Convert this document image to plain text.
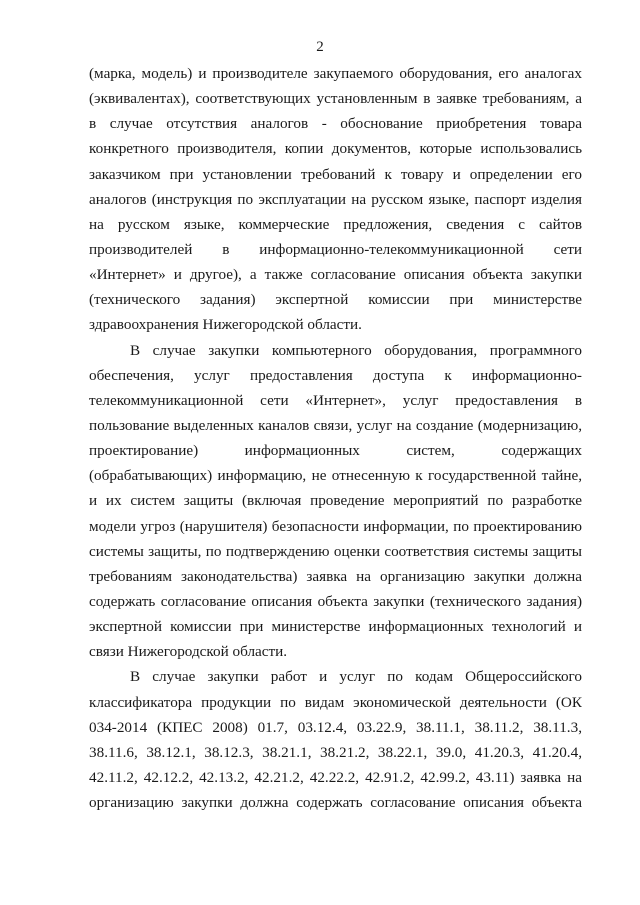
2
(марка, модель) и производителе закупаемого оборудования, его аналогах
(эквивалентах), соответствующих установленным в заявке требованиям, а
в случае отсутствия аналогов - обоснование приобретения товара
конкретного производителя, копии документов, которые использовались
заказчиком при установлении требований к товару и определении его
аналогов (инструкция по эксплуатации на русском языке, паспорт изделия
на русском языке, коммерческие предложения, сведения с сайтов
производителей в информационно-телекоммуникационной сети
«Интернет» и другое), а также согласование описания объекта закупки
(технического задания) экспертной комиссии при министерстве
здравоохранения Нижегородской области.
В случае закупки компьютерного оборудования, программного
обеспечения, услуг предоставления доступа к информационно-
телекоммуникационной сети «Интернет», услуг предоставления в
пользование выделенных каналов связи, услуг на создание (модернизацию,
проектирование) информационных систем, содержащих
(обрабатывающих) информацию, не отнесенную к государственной тайне,
и их систем защиты (включая проведение мероприятий по разработке
модели угроз (нарушителя) безопасности информации, по проектированию
системы защиты, по подтверждению оценки соответствия системы защиты
требованиям законодательства) заявка на организацию закупки должна
содержать согласование описания объекта закупки (технического задания)
экспертной комиссии при министерстве информационных технологий и
связи Нижегородской области.
В случае закупки работ и услуг по кодам Общероссийского
классификатора продукции по видам экономической деятельности (ОК
034-2014 (КПЕС 2008) 01.7, 03.12.4, 03.22.9, 38.11.1, 38.11.2, 38.11.3,
38.11.6, 38.12.1, 38.12.3, 38.21.1, 38.21.2, 38.22.1, 39.0, 41.20.3, 41.20.4,
42.11.2, 42.12.2, 42.13.2, 42.21.2, 42.22.2, 42.91.2, 42.99.2, 43.11) заявка на
организацию закупки должна содержать согласование описания объекта
